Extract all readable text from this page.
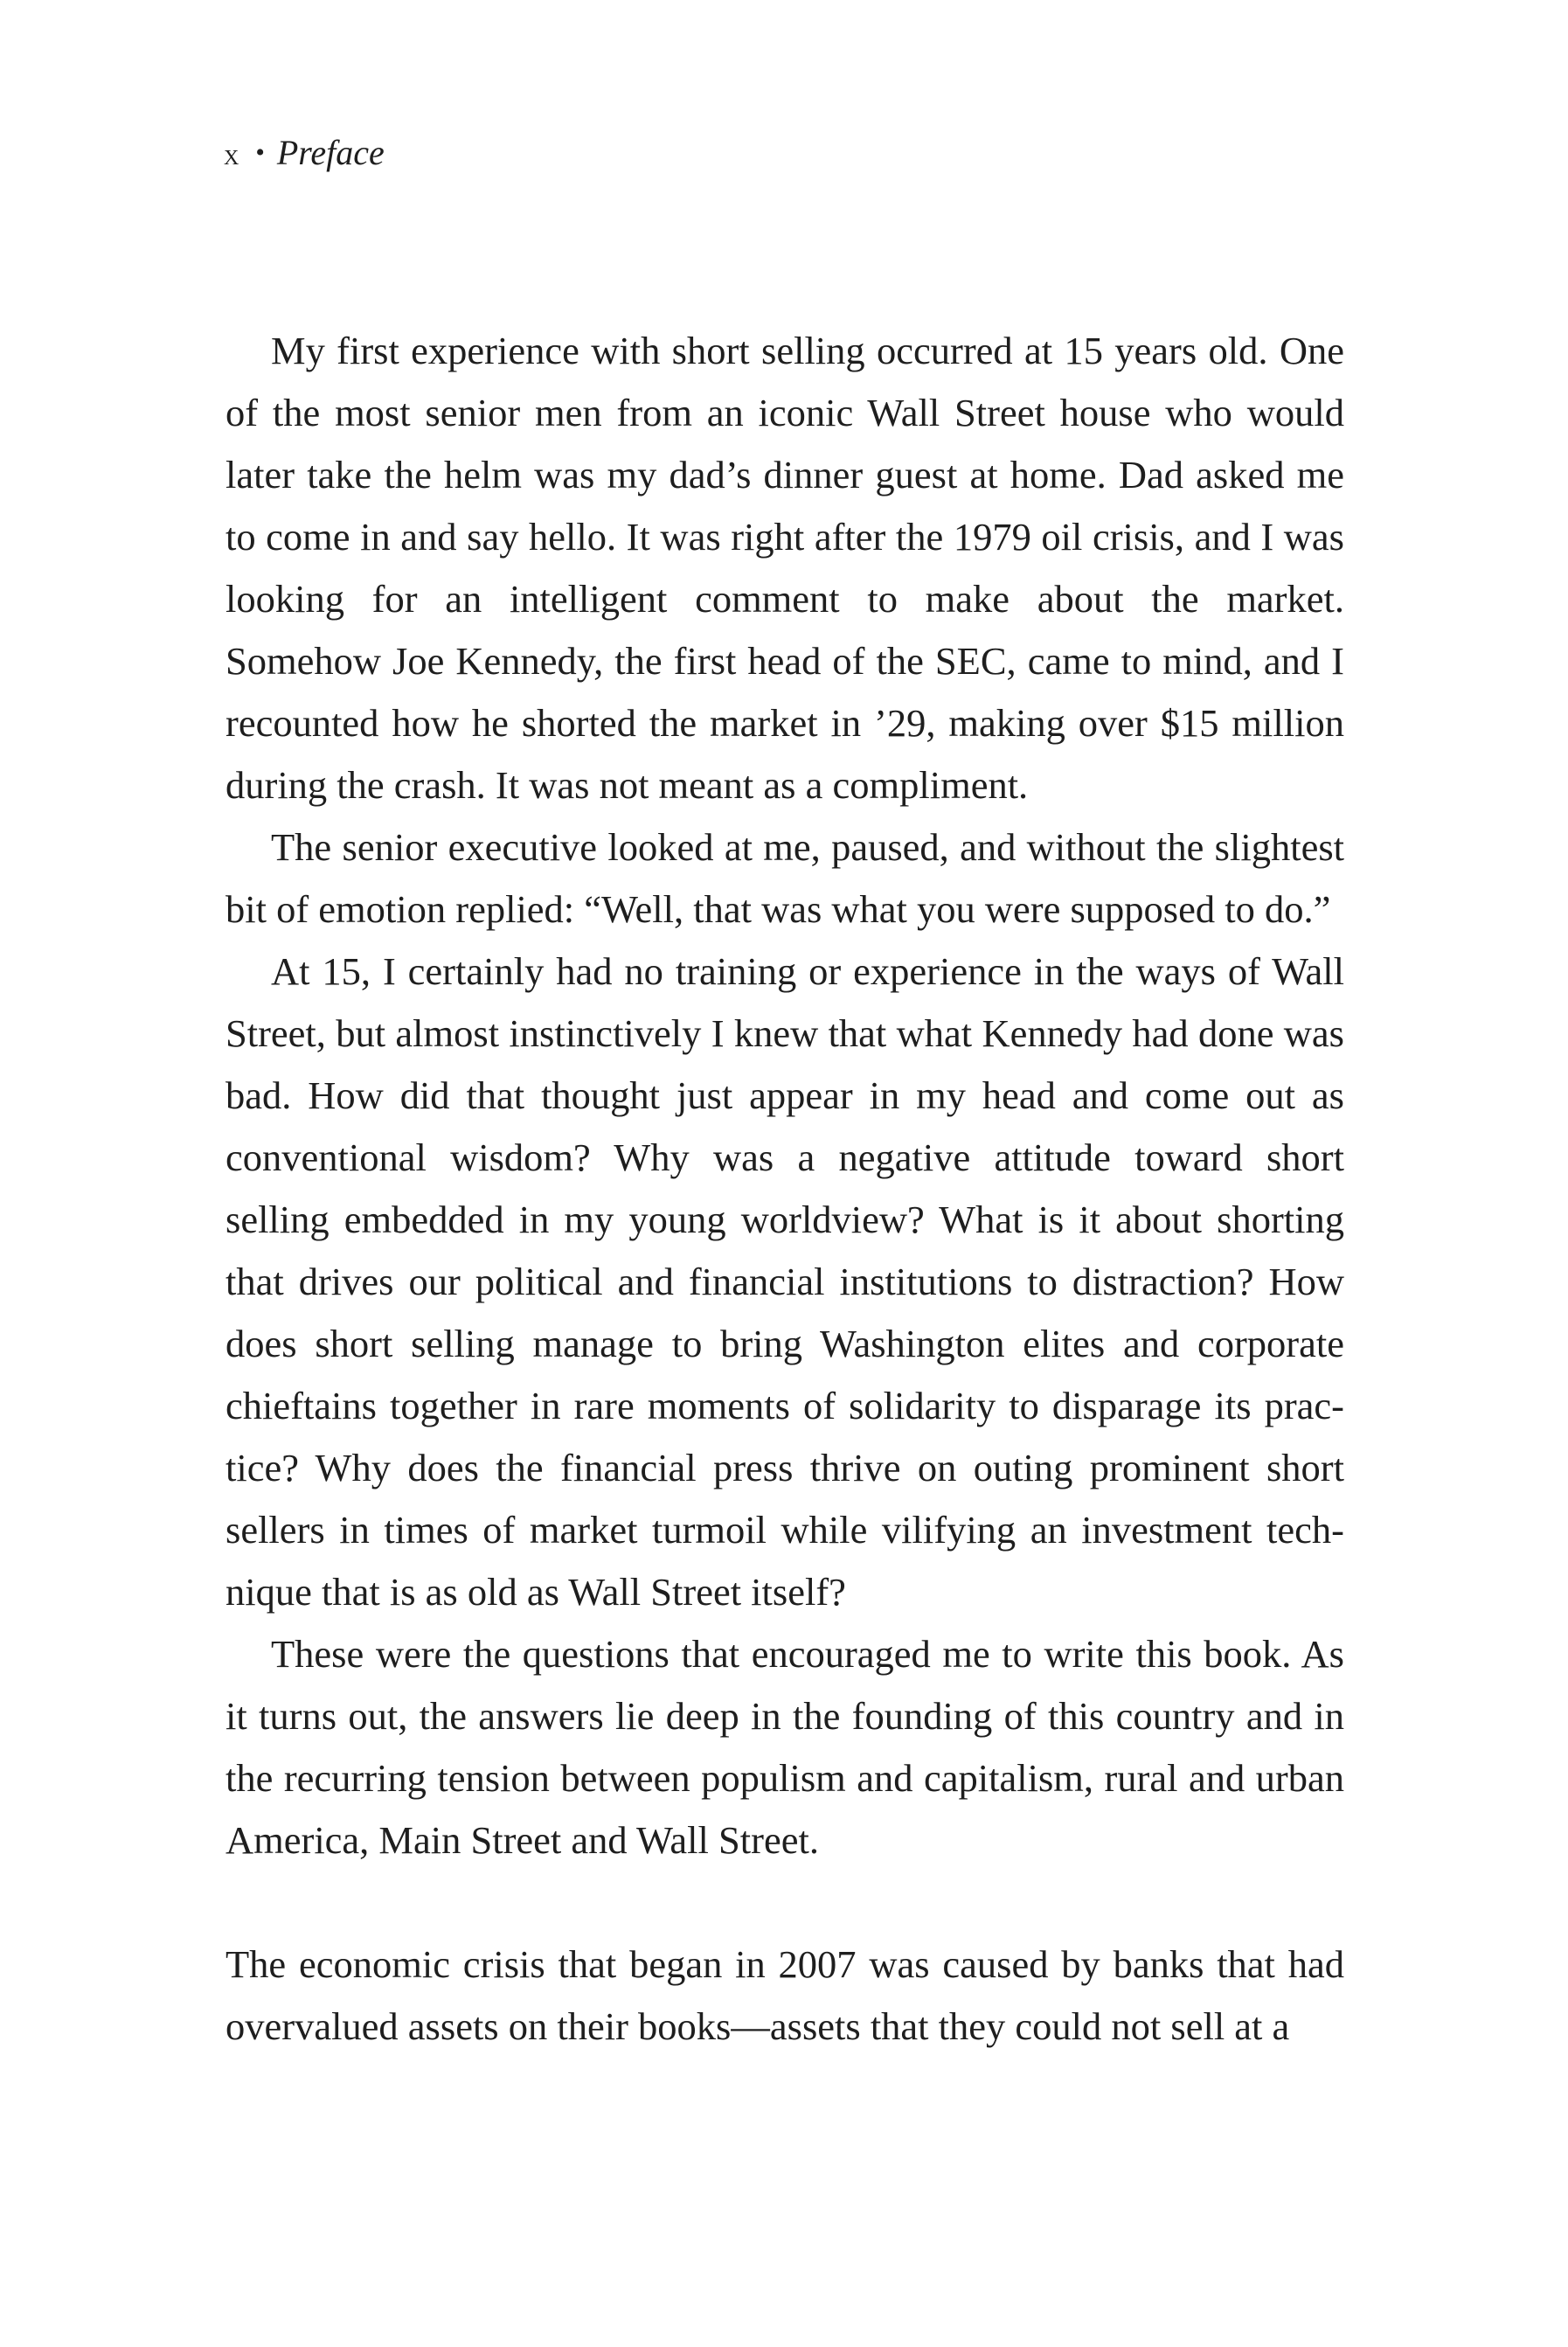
x • Preface

My first experience with short selling occurred at 15 years old. One of the most senior men from an iconic Wall Street house who would later take the helm was my dad’s dinner guest at home. Dad asked me to come in and say hello. It was right after the 1979 oil crisis, and I was looking for an intelligent comment to make about the market. Somehow Joe Kennedy, the first head of the SEC, came to mind, and I recounted how he shorted the market in ’29, making over $15 million during the crash. It was not meant as a compliment.

The senior executive looked at me, paused, and without the slightest bit of emotion replied: “Well, that was what you were supposed to do.”

At 15, I certainly had no training or experience in the ways of Wall Street, but almost instinctively I knew that what Kennedy had done was bad. How did that thought just appear in my head and come out as conventional wisdom? Why was a negative attitude toward short selling embedded in my young worldview? What is it about shorting that drives our political and financial institutions to distraction? How does short selling manage to bring Washington elites and corporate chieftains together in rare moments of solidarity to disparage its practice? Why does the financial press thrive on outing prominent short sellers in times of market turmoil while vilifying an investment technique that is as old as Wall Street itself?

These were the questions that encouraged me to write this book. As it turns out, the answers lie deep in the founding of this country and in the recurring tension between populism and capitalism, rural and urban America, Main Street and Wall Street.

The economic crisis that began in 2007 was caused by banks that had overvalued assets on their books—assets that they could not sell at a
